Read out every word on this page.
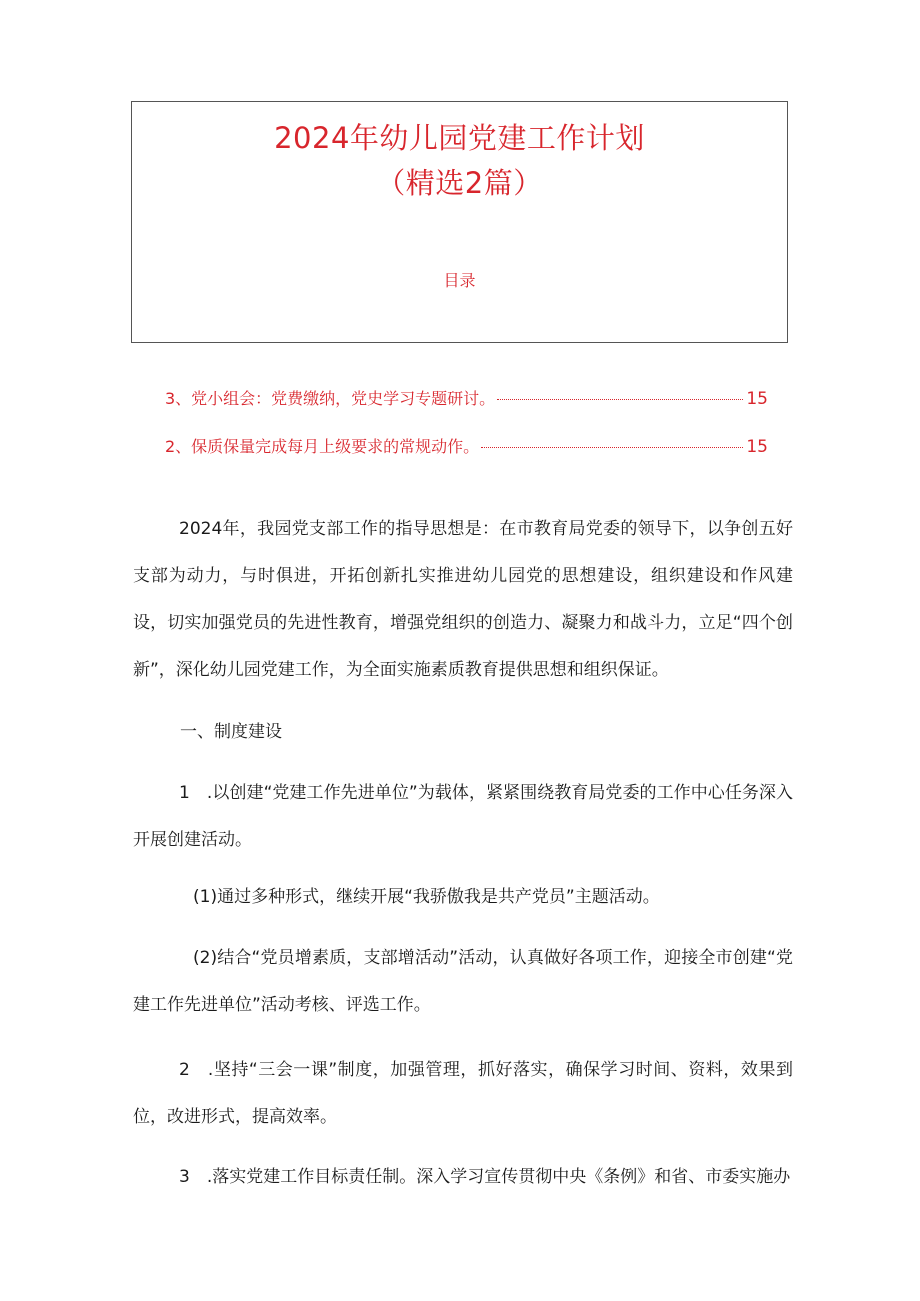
2024年幼儿园党建工作计划
（精选2篇）
目录
3、党小组会：党费缴纳，党史学习专题研讨。	15
2、保质保量完成每月上级要求的常规动作。	15

2024年，我园党支部工作的指导思想是：在市教育局党委的领导下，以争创五好支部为动力，与时俱进，开拓创新扎实推进幼儿园党的思想建设，组织建设和作风建设，切实加强党员的先进性教育，增强党组织的创造力、凝聚力和战斗力，立足“四个创新”，深化幼儿园党建工作，为全面实施素质教育提供思想和组织保证。

一、制度建设

1　.以创建“党建工作先进单位”为载体，紧紧围绕教育局党委的工作中心任务深入开展创建活动。

(1)通过多种形式，继续开展“我骄傲我是共产党员”主题活动。

(2)结合“党员增素质，支部增活动”活动，认真做好各项工作，迎接全市创建“党建工作先进单位”活动考核、评选工作。

2　.坚持“三会一课”制度，加强管理，抓好落实，确保学习时间、资料，效果到位，改进形式，提高效率。

3　.落实党建工作目标责任制。深入学习宣传贯彻中央《条例》和省、市委实施办
